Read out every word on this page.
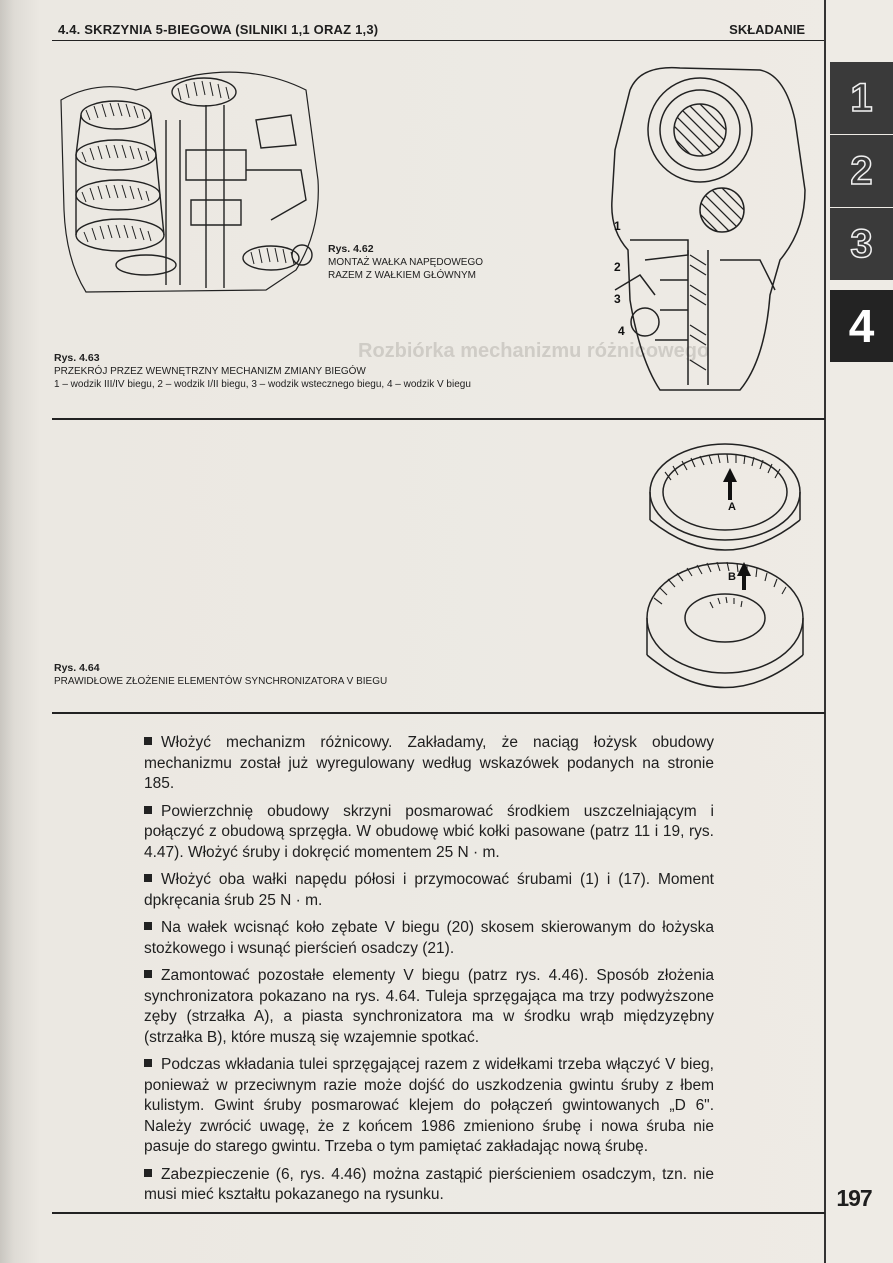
Rozbiórka mechanizmu różnicowego
4.4. SKRZYNIA 5-BIEGOWA (SILNIKI 1,1 ORAZ 1,3)	SKŁADANIE
1
2
3
4
Rys. 4.62
MONTAŻ WAŁKA NAPĘDOWEGO
RAZEM Z WAŁKIEM GŁÓWNYM
1
2
3
4
Rys. 4.63
PRZEKRÓJ PRZEZ WEWNĘTRZNY MECHANIZM ZMIANY BIEGÓW
1 – wodzik III/IV biegu, 2 – wodzik I/II biegu, 3 – wodzik wstecznego biegu, 4 – wodzik V biegu
A
B
Rys. 4.64
PRAWIDŁOWE ZŁOŻENIE ELEMENTÓW SYNCHRONIZATORA V BIEGU

Włożyć mechanizm różnicowy. Zakładamy, że naciąg łożysk obudowy mechanizmu został już wyregulowany według wskazówek podanych na stronie 185.

Powierzchnię obudowy skrzyni posmarować środkiem uszczelniającym i połączyć z obudową sprzęgła. W obudowę wbić kołki pasowane (patrz 11 i 19, rys. 4.47). Włożyć śruby i dokręcić momentem 25 N · m.

Włożyć oba wałki napędu półosi i przymocować śrubami (1) i (17). Moment dpkręcania śrub 25 N · m.

Na wałek wcisnąć koło zębate V biegu (20) skosem skierowanym do łożyska stożkowego i wsunąć pierścień osadczy (21).

Zamontować pozostałe elementy V biegu (patrz rys. 4.46). Sposób złożenia synchronizatora pokazano na rys. 4.64. Tuleja sprzęgająca ma trzy podwyższone zęby (strzałka A), a piasta synchronizatora ma w środku wrąb międzyzębny (strzałka B), które muszą się wzajemnie spotkać.

Podczas wkładania tulei sprzęgającej razem z widełkami trzeba włączyć V bieg, ponieważ w przeciwnym razie może dojść do uszkodzenia gwintu śruby z łbem kulistym. Gwint śruby posmarować klejem do połączeń gwintowanych „D 6". Należy zwrócić uwagę, że z końcem 1986 zmieniono śrubę i nowa śruba nie pasuje do starego gwintu. Trzeba o tym pamiętać zakładając nową śrubę.

Zabezpieczenie (6, rys. 4.46) można zastąpić pierścieniem osadczym, tzn. nie musi mieć kształtu pokazanego na rysunku.	197
